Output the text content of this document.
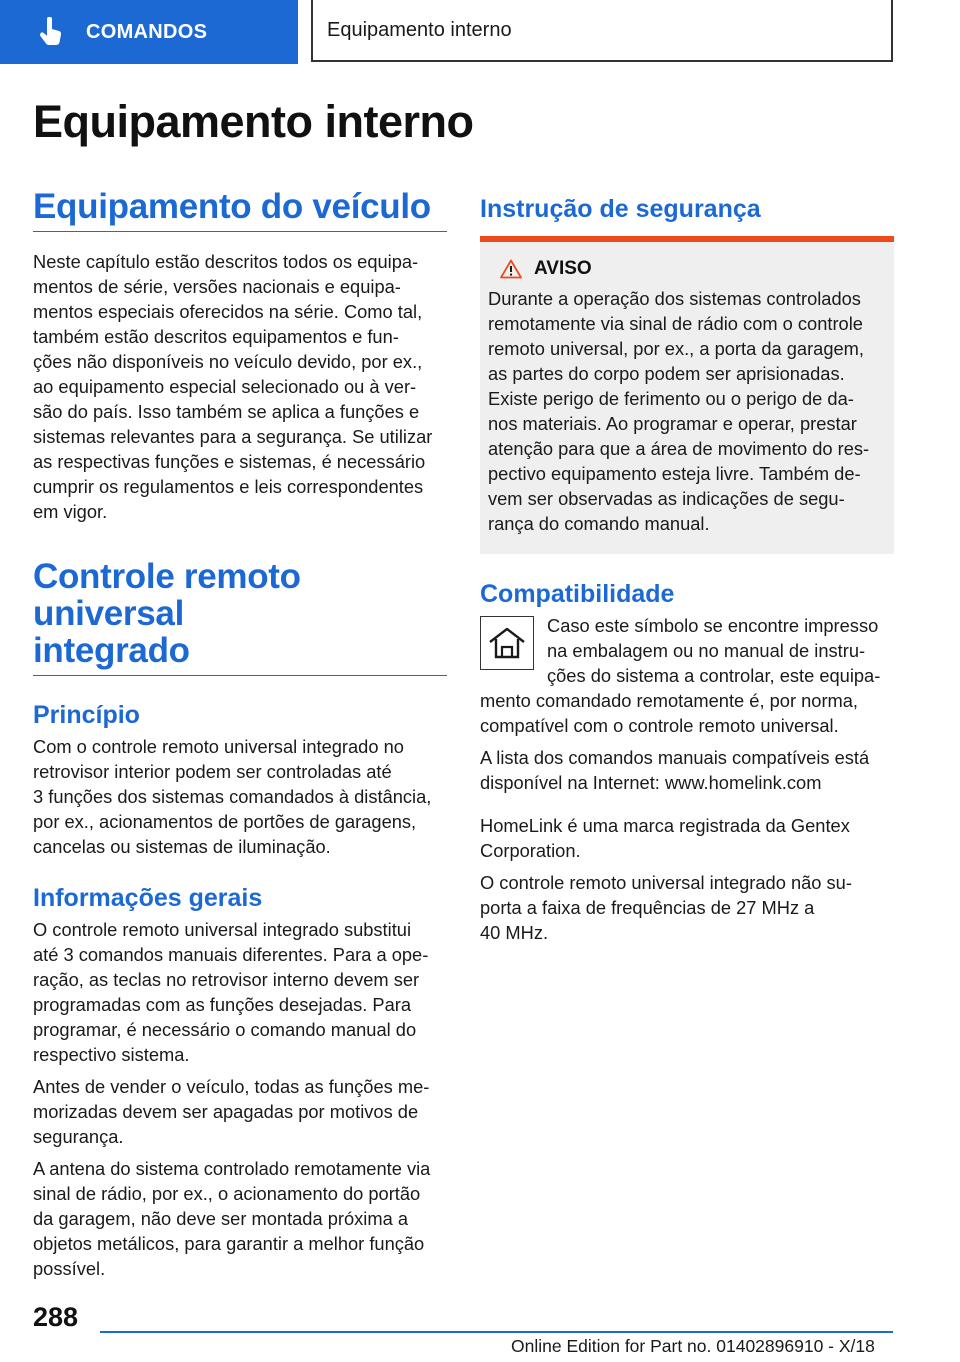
COMANDOS	Equipamento interno
Equipamento interno
Equipamento do veículo

Neste capítulo estão descritos todos os equipa-
mentos de série, versões nacionais e equipa-
mentos especiais oferecidos na série. Como tal,
também estão descritos equipamentos e fun-
ções não disponíveis no veículo devido, por ex.,
ao equipamento especial selecionado ou à ver-
são do país. Isso também se aplica a funções e
sistemas relevantes para a segurança. Se utilizar
as respectivas funções e sistemas, é necessário
cumprir os regulamentos e leis correspondentes
em vigor.

Controle remoto universal
integrado
Princípio

Com o controle remoto universal integrado no
retrovisor interior podem ser controladas até
3 funções dos sistemas comandados à distância,
por ex., acionamentos de portões de garagens,
cancelas ou sistemas de iluminação.

Informações gerais

O controle remoto universal integrado substitui
até 3 comandos manuais diferentes. Para a ope-
ração, as teclas no retrovisor interno devem ser
programadas com as funções desejadas. Para
programar, é necessário o comando manual do
respectivo sistema.

Antes de vender o veículo, todas as funções me-
morizadas devem ser apagadas por motivos de
segurança.

A antena do sistema controlado remotamente via
sinal de rádio, por ex., o acionamento do portão
da garagem, não deve ser montada próxima a
objetos metálicos, para garantir a melhor função
possível.

Instrução de segurança
AVISO

Durante a operação dos sistemas controlados
remotamente via sinal de rádio com o controle
remoto universal, por ex., a porta da garagem,
as partes do corpo podem ser aprisionadas.
Existe perigo de ferimento ou o perigo de da-
nos materiais. Ao programar e operar, prestar
atenção para que a área de movimento do res-
pectivo equipamento esteja livre. Também de-
vem ser observadas as indicações de segu-
rança do comando manual.

Compatibilidade

Caso este símbolo se encontre impresso
na embalagem ou no manual de instru-
ções do sistema a controlar, este equipa-

mento comandado remotamente é, por norma,
compatível com o controle remoto universal.

A lista dos comandos manuais compatíveis está
disponível na Internet: www.homelink.com

HomeLink é uma marca registrada da Gentex
Corporation.

O controle remoto universal integrado não su-
porta a faixa de frequências de 27 MHz a
40 MHz.

288
Online Edition for Part no. 01402896910 - X/18
